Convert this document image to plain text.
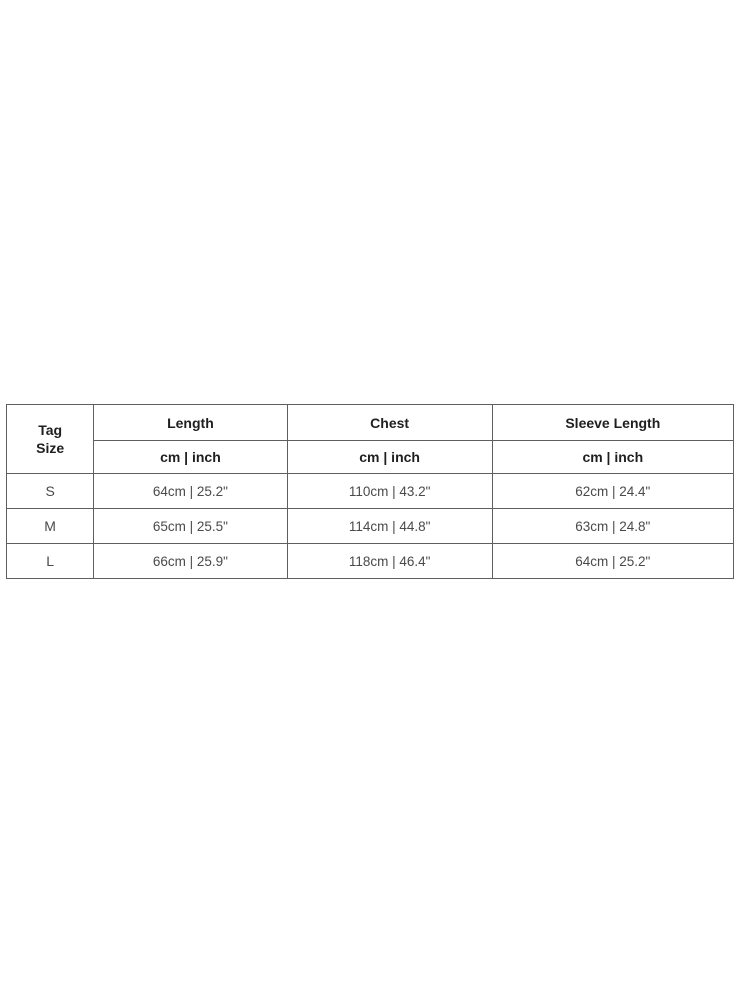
Tag
Size	Length	Chest	Sleeve Length
	cm | inch	cm | inch	cm | inch
S	64cm | 25.2"	110cm | 43.2"	62cm | 24.4"
M	65cm | 25.5"	114cm | 44.8"	63cm | 24.8"
L	66cm | 25.9"	118cm | 46.4"	64cm | 25.2"
